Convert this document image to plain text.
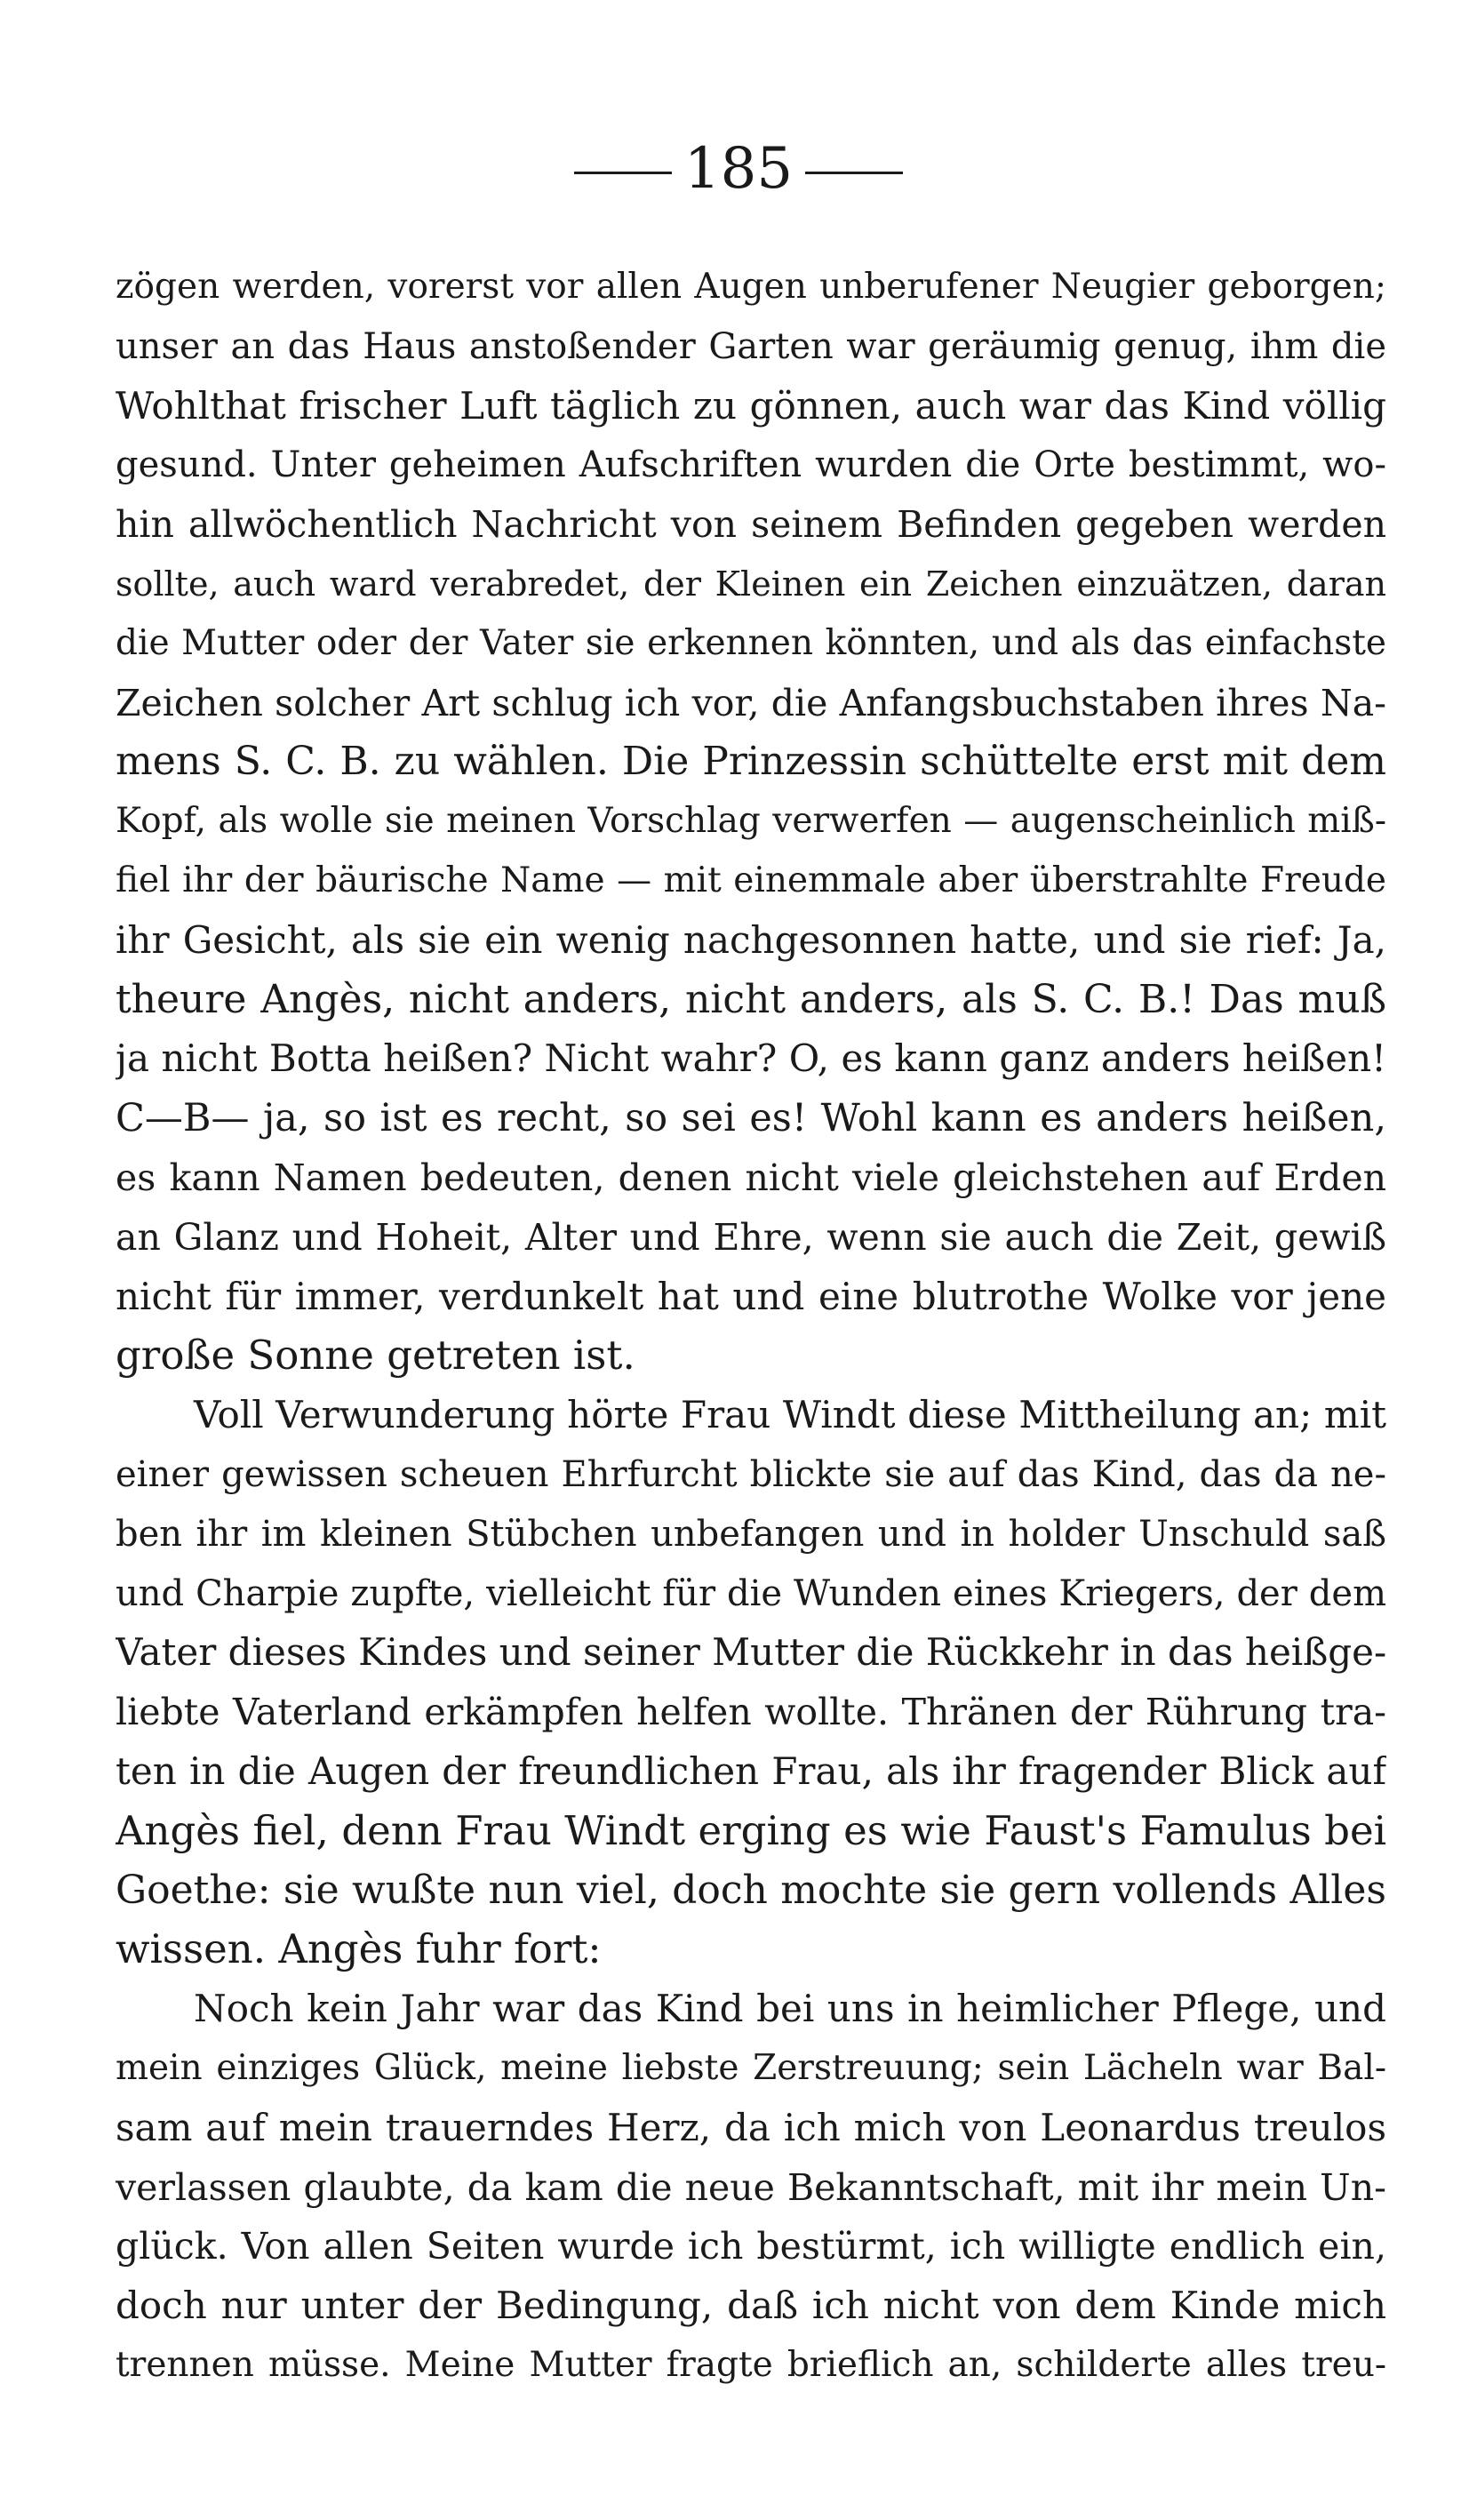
185
zögen werden, vorerst vor allen Augen unberufener Neugier geborgen;
unser an das Haus anstoßender Garten war geräumig genug, ihm die
Wohlthat frischer Luft täglich zu gönnen, auch war das Kind völlig
gesund. Unter geheimen Aufschriften wurden die Orte bestimmt, wo-
hin allwöchentlich Nachricht von seinem Befinden gegeben werden
sollte, auch ward verabredet, der Kleinen ein Zeichen einzuätzen, daran
die Mutter oder der Vater sie erkennen könnten, und als das einfachste
Zeichen solcher Art schlug ich vor, die Anfangsbuchstaben ihres Na-
mens S. C. B. zu wählen. Die Prinzessin schüttelte erst mit dem
Kopf, als wolle sie meinen Vorschlag verwerfen — augenscheinlich miß-
fiel ihr der bäurische Name — mit einemmale aber überstrahlte Freude
ihr Gesicht, als sie ein wenig nachgesonnen hatte, und sie rief: Ja,
theure Angès, nicht anders, nicht anders, als S. C. B.! Das muß
ja nicht Botta heißen? Nicht wahr? O, es kann ganz anders heißen!
C—B— ja, so ist es recht, so sei es! Wohl kann es anders heißen,
es kann Namen bedeuten, denen nicht viele gleichstehen auf Erden
an Glanz und Hoheit, Alter und Ehre, wenn sie auch die Zeit, gewiß
nicht für immer, verdunkelt hat und eine blutrothe Wolke vor jene
große Sonne getreten ist.
Voll Verwunderung hörte Frau Windt diese Mittheilung an; mit
einer gewissen scheuen Ehrfurcht blickte sie auf das Kind, das da ne-
ben ihr im kleinen Stübchen unbefangen und in holder Unschuld saß
und Charpie zupfte, vielleicht für die Wunden eines Kriegers, der dem
Vater dieses Kindes und seiner Mutter die Rückkehr in das heißge-
liebte Vaterland erkämpfen helfen wollte. Thränen der Rührung tra-
ten in die Augen der freundlichen Frau, als ihr fragender Blick auf
Angès fiel, denn Frau Windt erging es wie Faust's Famulus bei
Goethe: sie wußte nun viel, doch mochte sie gern vollends Alles
wissen. Angès fuhr fort:
Noch kein Jahr war das Kind bei uns in heimlicher Pflege, und
mein einziges Glück, meine liebste Zerstreuung; sein Lächeln war Bal-
sam auf mein trauerndes Herz, da ich mich von Leonardus treulos
verlassen glaubte, da kam die neue Bekanntschaft, mit ihr mein Un-
glück. Von allen Seiten wurde ich bestürmt, ich willigte endlich ein,
doch nur unter der Bedingung, daß ich nicht von dem Kinde mich
trennen müsse. Meine Mutter fragte brieflich an, schilderte alles treu-
